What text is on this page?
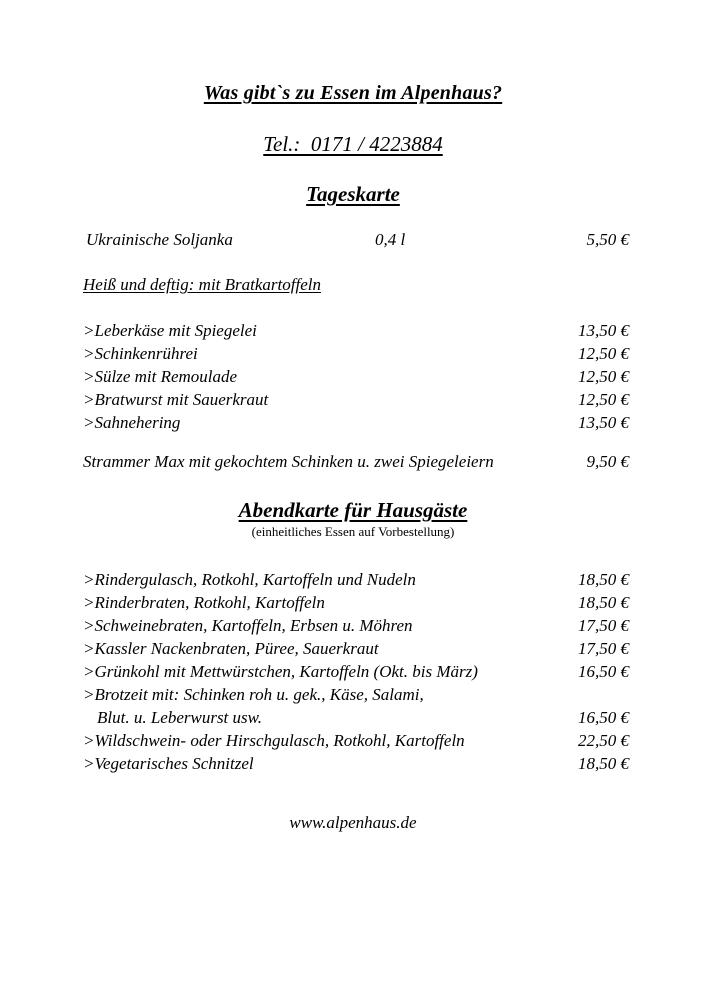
Was gibt`s zu Essen im Alpenhaus?
Tel.:  0171 / 4223884
Tageskarte
Ukrainische Soljanka	0,4 l	5,50 €
Heiß und deftig: mit Bratkartoffeln
>Leberkäse mit Spiegelei	13,50 €
>Schinkenrührei	12,50 €
>Sülze mit Remoulade	12,50 €
>Bratwurst mit Sauerkraut	12,50 €
>Sahnehering	13,50 €
Strammer Max mit gekochtem Schinken u. zwei Spiegeleiern	9,50 €
Abendkarte für Hausgäste
(einheitliches Essen auf Vorbestellung)
>Rindergulasch, Rotkohl, Kartoffeln und Nudeln	18,50 €
>Rinderbraten, Rotkohl, Kartoffeln	18,50 €
>Schweinebraten, Kartoffeln, Erbsen u. Möhren	17,50 €
>Kassler Nackenbraten, Püree, Sauerkraut	17,50 €
>Grünkohl mit Mettwürstchen, Kartoffeln (Okt. bis März)	16,50 €
>Brotzeit mit: Schinken roh u. gek., Käse, Salami,
Blut. u. Leberwurst usw.	16,50 €
>Wildschwein- oder Hirschgulasch, Rotkohl, Kartoffeln	22,50 €
>Vegetarisches Schnitzel	18,50 €
www.alpenhaus.de
